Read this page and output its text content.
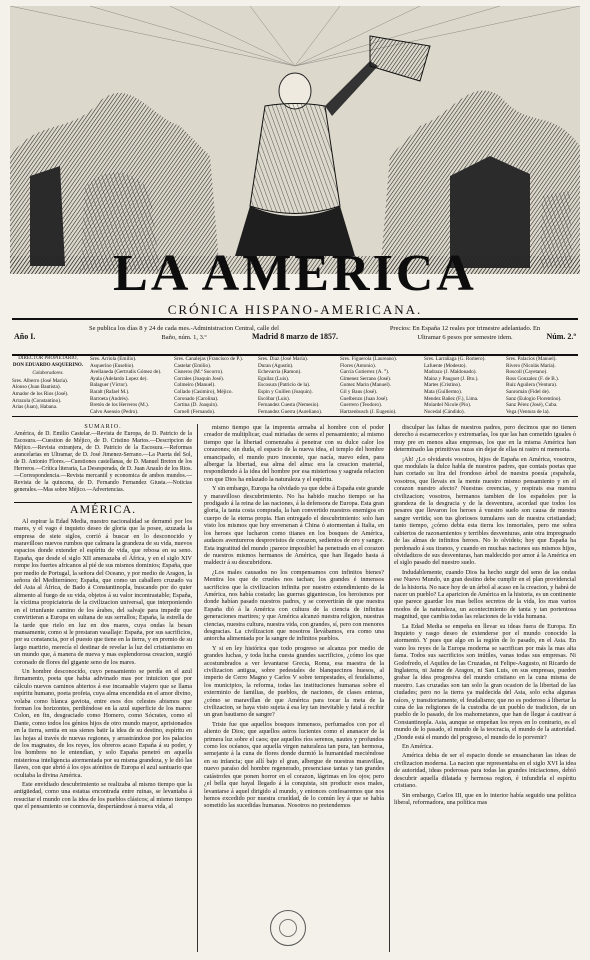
LA AMERICA
CRÓNICA HISPANO-AMERICANA.
Año I.
Se publica los días 8 y 24 de cada mes.-Administracion Central, calle del Baño, núm. 1, 3.º	Madrid 8 marzo de 1857.
Precios: En España 12 reales por trimestre adelantado. En Ultramar 6 pesos por semestre idem.	Núm. 2.º
DIRECTOR PROPIETARIO,
DON EDUARDO ASQUERINO.
Colaboradores.
Sres. Alberro (José María).
Alonso (Juan Bautista).
Amador de los Rios (José).
Arrazola (Constantino).
Arias (Juan), Habana.
Sres. Arriola (Emilio).
Asquerino (Eusebio).
Avellaneda (Gertrudis Gómez de).
Ayala (Adelardo Lopez de).
Balaguer (Víctor).
Baralt (Rafael M.).
Barroeta (Andrés).
Bretón de los Herreros (M.).
Calvo Asensio (Pedro).
Sres. Canalejas (Francisco de P.).
Castelar (Emilio).
Cisneros (M.ª Socorro).
Corrales (Joaquin José).
Colmeiro (Manuel).
Collado (Casimiro), Méjico.
Coronado (Carolina).
Cortina (D. Joaquin).
Cornell (Fernando).
Sres. Diaz (José María).
Duran (Agustín).
Echevarria (Ramon).
Eguilaz (Luis).
Escosura (Patricio de la).
Espin y Guillen (Joaquin).
Escóbar (Luis).
Fernandez Cuesta (Nemesio).
Fernandez Guerra (Aureliano).
Sres. Figuerola (Laureano).
Flores (Antonio).
García Gutierrez (A. °).
Gimenez Serrano (José).
Gomez Marin (Manuel).
Gil y Baus (José).
Guelbenzu (Juan José).
Guerrero (Teodoro).
Hartzenbusch (J. Eugenio).
Sres. Larrañaga (G. Romero).
Lafuente (Modesto).
Madrazo (J. Maldonado).
Mainz y Pauguet (J. Bto.).
Martes (Cristino).
Mata (Guillermo).
Mendez Bañez (F.), Lima.
Molardel Nicole (Pío).
Nocedal (Cándido).
Sres. Palacios (Manuel).
Rivero (Nicolás María).
Roscoll (Cayetano).
Ross Gonzalez (F. de B.).
Ruiz Aguilera (Ventura).
Sanromán (Fidel de).
Sanz (Eulogio Florentino).
Sanz Pérez (José), Cuba.
Vega (Ventura de la).
SUMARIO.
América, de D. Emilio Castelar.—Revista de Europa, de D. Patricio de la Escosura.—Cuestion de Méjico, de D. Cristino Martos.—Descripcion de Méjico.—Revista extranjera, de D. Patricio de la Escosura.—Reformas arancelarias en Ultramar, de D. José Jimenez-Serrano.—La Puerta del Sol, de D. Antonio Flores.—Cuestiones castellanas, de D. Manuel Breton de los Herreros.—Crítica literaria, La Desesperada, de D. Juan Anaulo de los Rios.—Correspondencia.—Revista mercantil y economica de ambos mundos.—Revista de la quincena, de D. Fernando Fernandez Giusta.—Noticias generales.—Mas sobre Méjico.—Advertencias.
AMÉRICA.

Al espirar la Edad Media, nuestro nacionalidad se derramó por los mares, y el vago é inquieto deseo de gloria que la posee, azuzada la empresa de siete siglos, corrió á buscar en lo desconocido y maravilloso nuevos rumbos que calmara la grandeza de su vida, nuevos espacios donde extender el espíritu de vida, que rebosa en su seno. España, que desde el siglo XII amenazaba el África, y en el siglo XIV rompe los fuertes africanos al pié de sus mismos dominios; España, que por medio de Portugal, la señora del Oceano, y por medio de Aragon, la señora del Mediterráneo; España, que como un caballero cruzado va del Asia al África, de Bado á Constantinopla, buscando por do quier alimento al fuego de su vida, objetos á su valor incontrastable; España, la víctima propiciatoria de la civilizacion universal, que interponiendo en el triunfante camino de los árabes, del salvaje para impedir que convirtieran a Europa en sultana de sus serrallos; España, la estrella de la tarde que rielo en luz en dos mares, cuya ondas la besan mansamente, como si le prestaran vasallaje: España, por sus sacrificios, por su constancia, por el puesto que tiene en la tierra, y en premio de su largo martirio, merecía el destinar de revelar la luz del cristianismo en un mundo que, á manera de nueva y mas esplendorosa creacion, surgió coronado de flores del gigante seno de los mares.

Un hombre desconocido, cuyo pensamiento se perdía en el azul firmamento, poeta que habia adivinado mas por intuicion que por cálculo nuevos caminos abiertos á ese incansable viajero que se llama espíritu humano, poeta profeta, cuya alma encendida en el amor divino, volaba como blanca gaviota, entre esos dos celestes abismos que forman los horizontes, perdiéndose en la azul superficie de los mares: Colon, en fin, desgraciado como Homero, como Sócrates, como el Dante, como todos los génios hijos de otro mundo mayor, aprisionados en la tierra, sentia en sus sienes batir la idea de su destino, espíritu en las hojas al través de nuevas regiones, y arrastrándose por los palacios de los magnates, de los reyes, los obreros acaso España á su poder, y los hombres no le entendían, y solo España penetró en aquella misteriosa inteligencia atormentada por su misma grandeza, y le dió las llaves, con que abrió á los ojos atónitos de Europa el azul santuario que ocultaba la divina América.

Este envidiado descubrimiento se realizaba al mismo tiempo que la antigüedad, como una estatua encontrada entre ruinas, se levantaba á resucitar el mundo con la idea de los pueblos clásicos; al mismo tiempo que el pensamiento se conmovía, despertándose á nueva vida, al

mismo tiempo que la imprenta armaba al hombre con el poder creador de multiplicar, cual miriadas de seres el pensamiento; al mismo tiempo que la libertad comenzaba á penetrar con su dulce calor los corazones; sin duda, el espacio de la nueva idea, el templo del hombre emancipado, el mundo puro inocente, que nacía, nuevo eden, para albergar la libertad, esa alma del alma: era la creacion material, respondiendo á la idea del hombre por esa misteriosa y sagrada relacion con que Dios ha enlazado la naturaleza y el espíritu.

Y sin embargo, Europa ha olvidado ya que debe á España este grande y maravilloso descubrimiento. No ha habido mucho tiempo se ha prodigado á la reina de las naciones, á la defensora de Europa. Esta gran gloria, la tanta costa comprada, la han convertido nuestros enemigos en cuerpo de la eterna propia. Han entregado el descubrimiento: solo han visto los mismos que hoy envenenan á China ó atormentan á Italia, en los heroes que lucharon como titanes en los bosques de América, audaces aventureros desprovistos de corazon, sedientos de oro y sangre. Esta ingratitud del mundo ¡parece imposible! ha penetrado en el corazon de nuestros mismos hermanos de América, que han llegado hasta á maldecir á su descubridora.

¿Los males causados no los compensamos con infinitos bienes? Mentira los que de crueles nos tachan; los grandes é inmensos sacrificios que la civilizacion infinita por nuestro extendimiento de la América, nos había costado; las guerras gigantescas, los heroismos por donde habían pasado nuestros padres, y se convertirán de que nuestra España dió á la América con cultura de la ciencia de infinitas generaciones martires; y que América alcanzó nuestra religion, nuestras ciencias, nuestra cultura, nuestra vida, con grandes, sí, pero con menores desgracias. La civilizacion que nosotros llevábamos, era como una antorcha alimentada por la sangre de infinitos pueblos.

Y si en ley histórica que todo progreso se alcanza por medio de grandes luchas, y toda lucha cuesta grandes sacrificios, ¿cómo los que acostumbrados a ver levantarse Grecia, Roma, esa maestra de la civilizacion antigua, sobre pedestales de blanquecinos huesos, al imperio de Cerro Magno y Carlos V sobre tempestades, el feudalismo, los municipios, la reforma, todas las instituciones humanas sobre el exterminio de familias, de pueblos, de naciones, de clases enteras, ¿cómo se maravillan de que América para tocar la meta de la civilizacion, se haya visto sujeta á esa ley tan inevitable y fatal á recibir un gran bautismo de sangre?

Triste fue que aquellos bosques inmensos, perfumados con por el aliento de Dios; que aquellos astros lucientes como el ananacer de la primera luz sobre el caos; que aquellos ríos serenos, nautes y profundos como los océanos, que aquella virgen naturaleza tan pura, tan hermosa, semejante á la cuna de flores donde durmió la humanidad meciéndose en su infancia; que allí bajo el gran, albergue de nuestras maravillas, nuevo paraíso del hombre regenerado, presenciase tantas y tan grandes catástrofes que ponen horror en el corazon, lágrimas en los ojos; pero ¿el bella que hayal llegado á la conquista, sin producir esos males, levantarse á aquel dirigido al mundo, y entonces confesaremos que nos hemos excedido por nuestra crueldad, de lo común ley á que se había sometido las sucedidas humanas. Nosotros no pretendemos

disculpar las faltas de nuestros padres, pero decimos que no tienen derecho á escarnecerlos y extremarlas, los que las han cometido iguales ó muy pre en menos altas empresas, los que en la misma América han determinado las primitivas razas sin dejar de ellas ni rastro ni memoria.

¡Ah! ¿Lo olvidareis vosotros, hijos de España en América, vosotros, que modulais la dulce habla de nuestros padres, que contais poetas que han cortado su lira del frondoso árbol de nuestra poesía ¡espahola, vosotros, que llevais en la mente nuestro mismo pensamiento y en el corazon nuestro afecto? Nuestras creencias, y respirais esa nuestra civilizacion; vosotros, hermanos tambien de los españoles por la grandeza de la desgracia y de la desventura, acordad que todos los pesares que llevaron los heroes á vuestro suelo son causa de nuestra sangre vertida; son tus gloriosos tumulares sun de nuestra cristiandad; tanto tiempo, ¿cómo debia esta tierra los inmortales, pero me sobra cabiertos de razonamientos y terribles desventuras, ante otra impregnado de las almas de infinitos heroes. No lo olvideis; hoy que España ha perdonado á sus tiranos, y cuando en muchas naciones sus mismos hijos, olvidadizos de sus desventuras, han maldecido por amor á la América en el siglo pasado del nuestro suelo.

Indudablemente, cuando Dios ha hecho surgir del seno de las ondas ese Nuevo Mundo, un gran destino debe cumplir en el plan providencial de la historia. No nace hoy de un árbol al acaso en la creacion, y habrá de nacer un pueblo? La aparicion de América en la historia, es un continente que parece guardar los mas bellos secretos de la vida, los mas varios modos de la naturaleza, un acontecimiento de tanta y tan portentosa magnitud, que cambia todas las relaciones de la vida humana.

La Edad Media se empeña en llevar su ideas fuera de Europa. En Inquieto y rasgo deseo de extenderse por el mundo conocido la atormentó. Y pues que algo en la región de lo pasado, en el Asia. En vano los reyes de la Europa moderna se sacrifican por más la mas alta fama. Todos sus sacrificios son inútiles, vanas todas sus empresas. Ni Godofredo, el Aquiles de las Cruzadas, ni Felipe-Augusto, ni Ricardo de Inglaterra, ni Jaime de Aragon, ni San Luis, en sus empresas, pueden grabar la idea progresiva del mundo cristiano en la cuna misma de nuestro. Las cruzadas son tan solo la gran ocasion de la libertad de las ciudades; pero no la tierra ya maldecida del Asia, solo echa algunas raíces, y transitoriamente, el feudalismo; que no es poderoso á libertar la cuna de las religiones de la custodia de un pueblo de tradicion, de un pueblo de lo pasado, de los mahometanos, que han de llegar á cautivar á Constantinopla. Asia, aunque se empeñan los reyes en lo contrario, es el mundo de lo pasado, el mundo de la teocracia, el mundo de la autoridad. ¿Donde está el mundo del progreso, el mundo de lo porvenir?

En América.

América debia de ser el espacio donde se ensancharan las ideas de civilizacion moderna. La nacion que representaba en el siglo XVI la idea de autoridad, ideas poderosas para todas las grandes iniciaciones, debió descubrir aquella dilatada y hermosa region, é infundirla el espíritu cristiano.

Sin embargo, Carlos III, que en lo interior había seguido una política liberal, reformadora, una política mas
